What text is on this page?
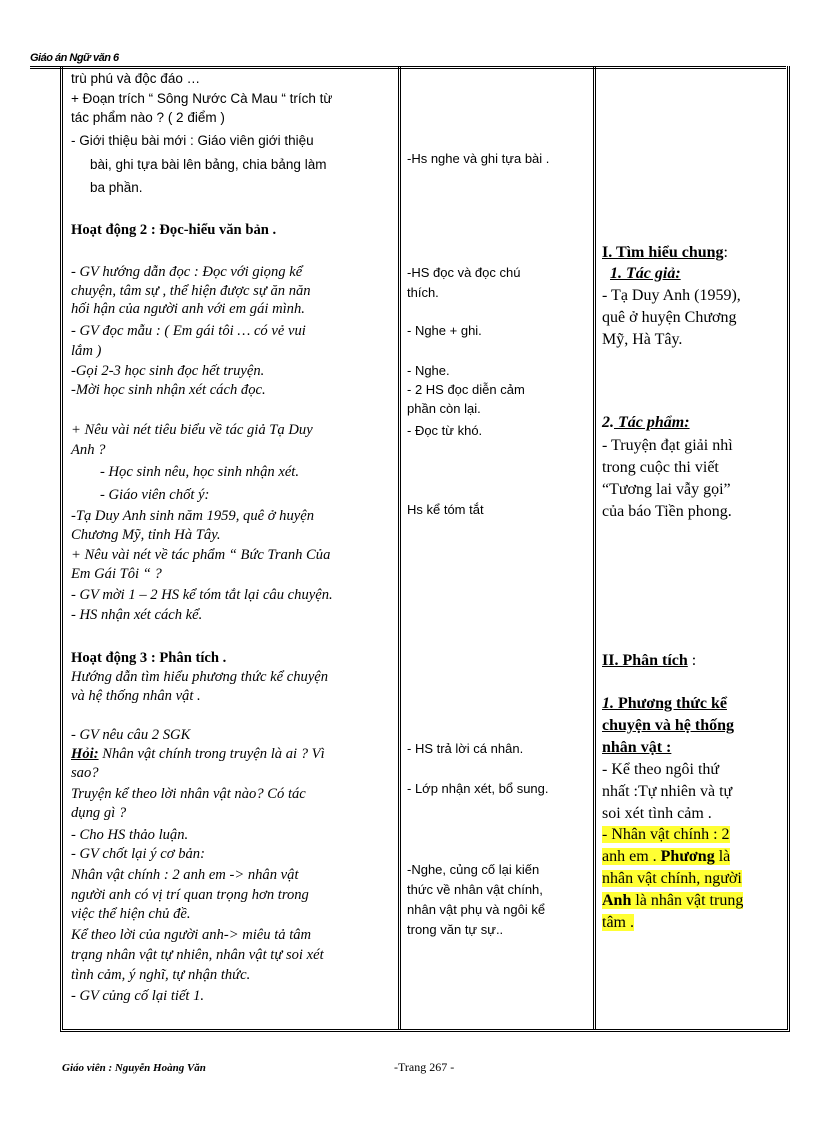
Giáo án Ngữ văn 6
trù phú và độc đáo …
+ Đoạn trích “ Sông Nước Cà Mau “ trích từ
tác phẩm nào ? ( 2 điểm )
- Giới thiệu bài mới : Giáo viên giới thiệu
bài, ghi tựa bài lên bảng, chia bảng làm
ba phần.
Hoạt động 2 : Đọc-hiểu văn bản .
- GV hướng dẫn đọc : Đọc với giọng kể
chuyện, tâm sự , thể hiện được sự ăn năn
hối hận của người anh với em gái mình.
- GV đọc mẫu : ( Em gái tôi … có vẻ vui
lắm )
-Gọi 2-3 học sinh đọc hết truyện.
-Mời học sinh nhận xét cách đọc.
+ Nêu vài nét tiêu biểu về tác giả Tạ Duy
Anh ?
- Học sinh nêu, học sinh nhận xét.
- Giáo viên chốt ý:
-Tạ Duy Anh sinh năm 1959, quê ở huyện
Chương Mỹ, tỉnh Hà Tây.
+ Nêu vài nét về tác phẩm “ Bức Tranh Của
Em Gái Tôi “ ?
- GV mời 1 – 2 HS kể tóm tắt lại câu chuyện.
- HS nhận xét cách kể.
Hoạt động 3 : Phân tích .
Hướng dẫn tìm hiểu phương thức kể chuyện
và hệ thống nhân vật .
- GV nêu câu 2 SGK
Hỏi: Nhân vật chính trong truyện là ai ? Vì
sao?
Truyện kể theo lời nhân vật nào? Có tác
dụng gì ?
- Cho HS thảo luận.
- GV chốt lại ý cơ bản:
Nhân vật chính : 2 anh em -> nhân vật
người anh có vị trí quan trọng hơn trong
việc thể hiện chủ đề.
Kể theo lời của người anh-> miêu tả tâm
trạng nhân vật tự nhiên, nhân vật tự soi xét
tình cảm, ý nghĩ, tự nhận thức.
- GV củng cố lại tiết 1.
-Hs nghe và ghi tựa bài .
-HS đọc và đọc chú
thích.
- Nghe + ghi.
- Nghe.
- 2 HS đọc diễn cảm
phần còn lại.
- Đọc từ khó.
Hs kể tóm tắt
- HS trả lời cá nhân.
- Lớp nhận xét, bổ sung.
-Nghe, củng cố lại kiến
thức về nhân vật chính,
nhân vật phụ và ngôi kể
trong văn tự sự..
I. Tìm hiểu chung:
1. Tác giả:
- Tạ Duy Anh (1959),
quê ở huyện Chương
Mỹ, Hà Tây.
2. Tác phẩm:
- Truyện đạt giải nhì
trong cuộc thi viết
“Tương lai vẫy gọi”
của báo Tiền phong.
II. Phân tích :
1. Phương thức kể
chuyện và hệ thống
nhân vật :
- Kể theo ngôi thứ
nhất :Tự nhiên và tự
soi xét tình cảm .
- Nhân vật chính : 2
anh em . Phương là
nhân vật chính, người
Anh là nhân vật trung
tâm .
Giáo viên : Nguyễn Hoàng Văn	-Trang 267 -
